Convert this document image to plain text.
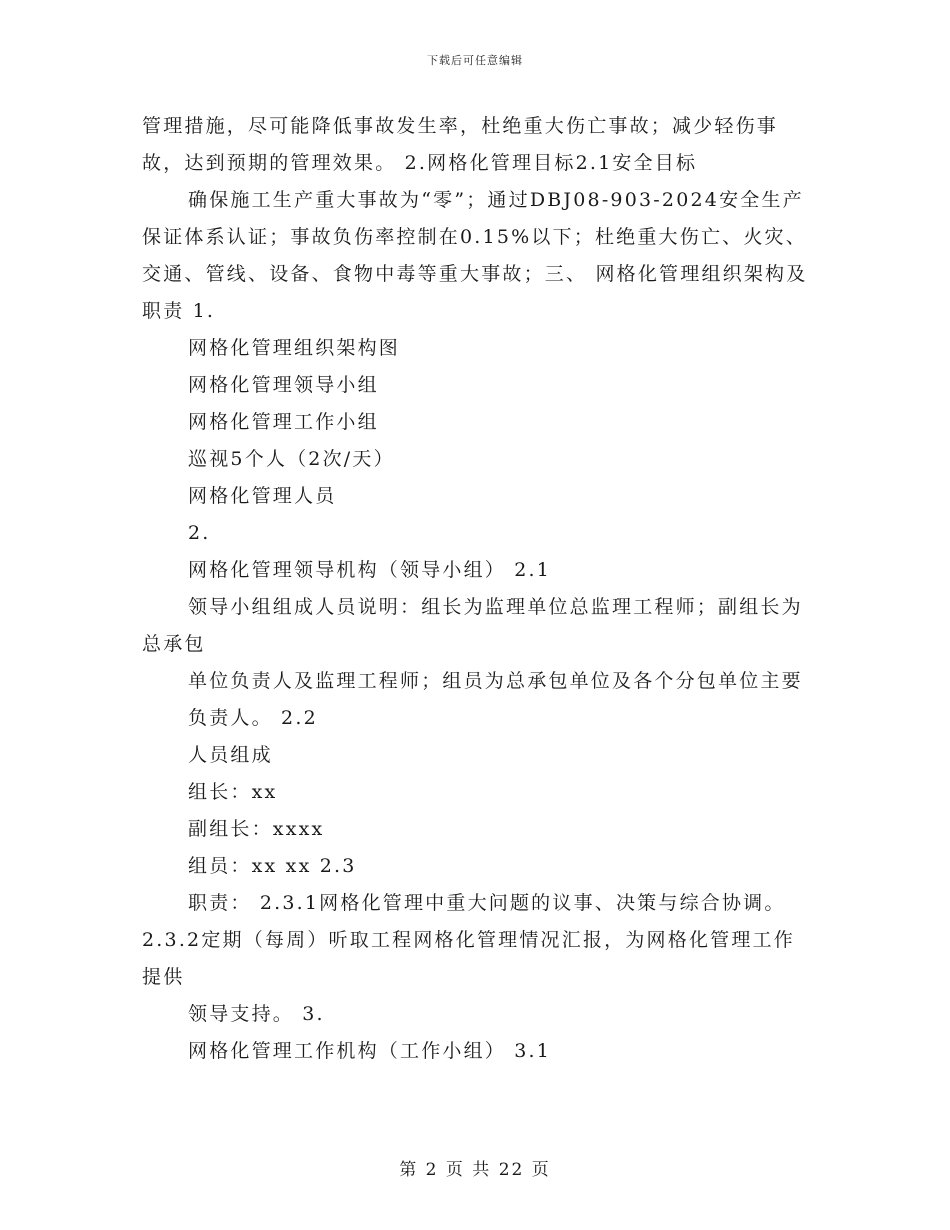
下载后可任意编辑

管理措施，尽可能降低事故发生率，杜绝重大伤亡事故；减少轻伤事故，达到预期的管理效果。 2.网格化管理目标2.1安全目标

确保施工生产重大事故为“零”；通过DBJ08-903-2024安全生产保证体系认证；事故负伤率控制在0.15%以下；杜绝重大伤亡、火灾、交通、管线、设备、食物中毒等重大事故；三、 网格化管理组织架构及职责 1.

网格化管理组织架构图

网格化管理领导小组

网格化管理工作小组

巡视5个人（2次/天）

网格化管理人员

2.

网格化管理领导机构（领导小组） 2.1

领导小组组成人员说明：组长为监理单位总监理工程师；副组长为总承包

单位负责人及监理工程师；组员为总承包单位及各个分包单位主要

负责人。 2.2

人员组成

组长：xx

副组长：xxxx

组员：xx xx 2.3

职责： 2.3.1网格化管理中重大问题的议事、决策与综合协调。 2.3.2定期（每周）听取工程网格化管理情况汇报，为网格化管理工作提供

领导支持。 3.

网格化管理工作机构（工作小组） 3.1

第 2 页 共 22 页
